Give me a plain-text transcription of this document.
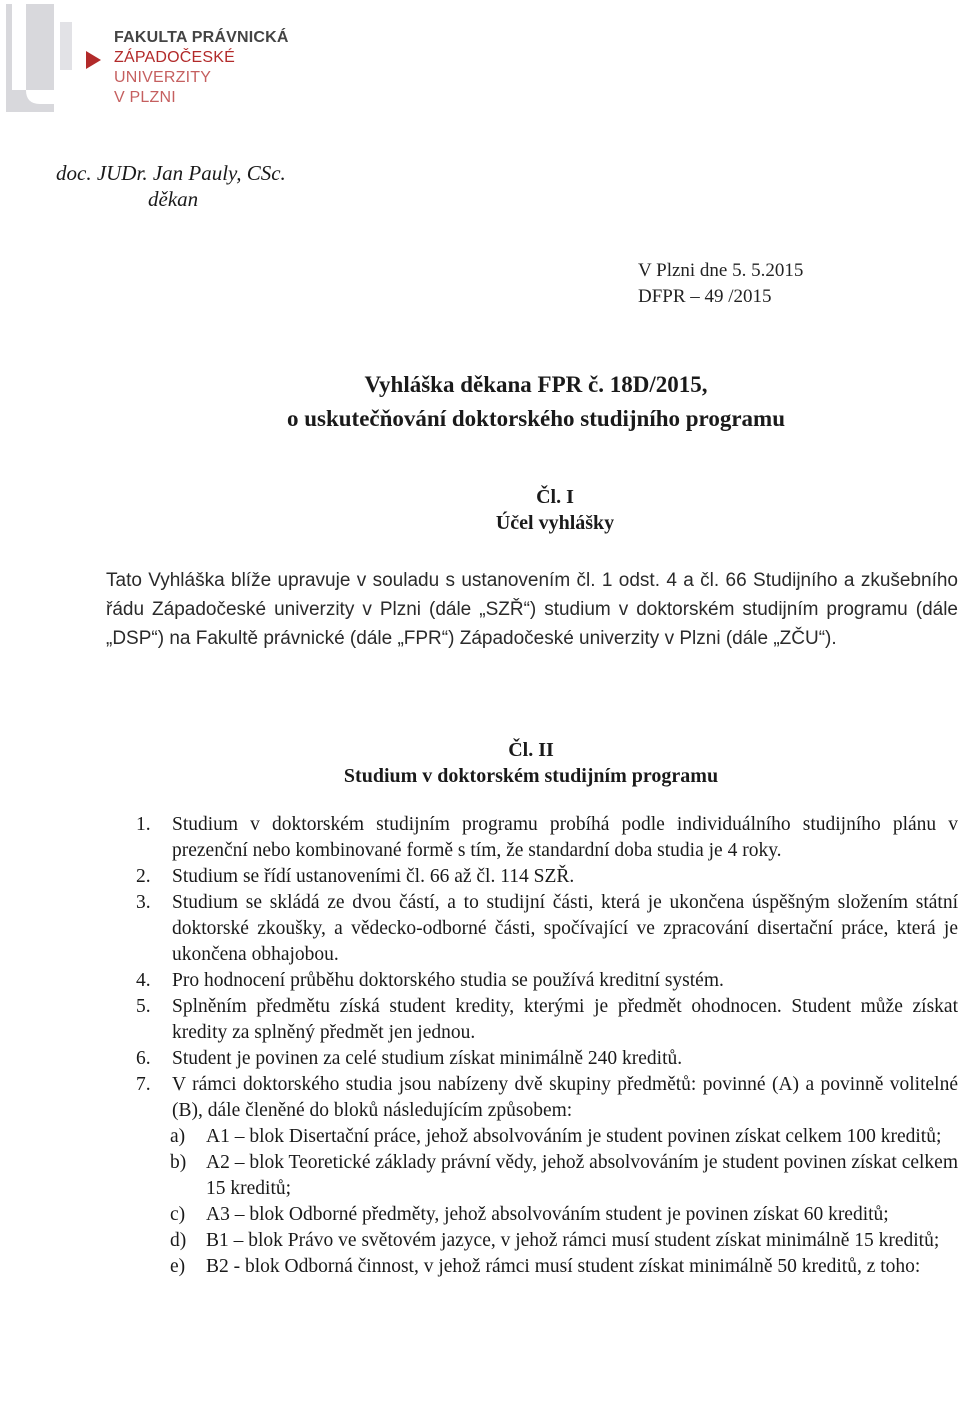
FAKULTA PRÁVNICKÁ
ZÁPADOČESKÉ
UNIVERZITY
V PLZNI
doc. JUDr. Jan Pauly, CSc.
děkan
V Plzni dne 5. 5.2015
DFPR – 49 /2015
Vyhláška děkana FPR č. 18D/2015,
o uskutečňování doktorského studijního programu
Čl. I
Účel vyhlášky
Tato Vyhláška blíže upravuje v souladu s ustanovením čl. 1 odst. 4 a čl. 66 Studijního a zkušebního řádu Západočeské univerzity v Plzni (dále „SZŘ“) studium v doktorském studijním programu (dále „DSP“) na Fakultě právnické (dále „FPR“) Západočeské univerzity v Plzni (dále „ZČU“).
Čl. II
Studium v doktorském studijním programu
1. Studium v doktorském studijním programu probíhá podle individuálního studijního plánu v prezenční nebo kombinované formě s tím, že standardní doba studia je 4 roky.
2. Studium se řídí ustanoveními čl. 66 až čl. 114 SZŘ.
3. Studium se skládá ze dvou částí, a to studijní části, která je ukončena úspěšným složením státní doktorské zkoušky, a vědecko-odborné části, spočívající ve zpracování disertační práce, která je ukončena obhajobou.
4. Pro hodnocení průběhu doktorského studia se používá kreditní systém.
5. Splněním předmětu získá student kredity, kterými je předmět ohodnocen. Student může získat kredity za splněný předmět jen jednou.
6. Student je povinen za celé studium získat minimálně 240 kreditů.
7. V rámci doktorského studia jsou nabízeny dvě skupiny předmětů: povinné (A) a povinně volitelné (B), dále členěné do bloků následujícím způsobem:
a) A1 – blok Disertační práce, jehož absolvováním je student povinen získat celkem 100 kreditů;
b) A2 – blok Teoretické základy právní vědy, jehož absolvováním je student povinen získat celkem 15 kreditů;
c) A3 – blok Odborné předměty, jehož absolvováním student je povinen získat 60 kreditů;
d) B1 – blok Právo ve světovém jazyce, v jehož rámci musí student získat minimálně 15 kreditů;
e) B2 - blok Odborná činnost, v jehož rámci musí student získat minimálně 50 kreditů, z toho:
